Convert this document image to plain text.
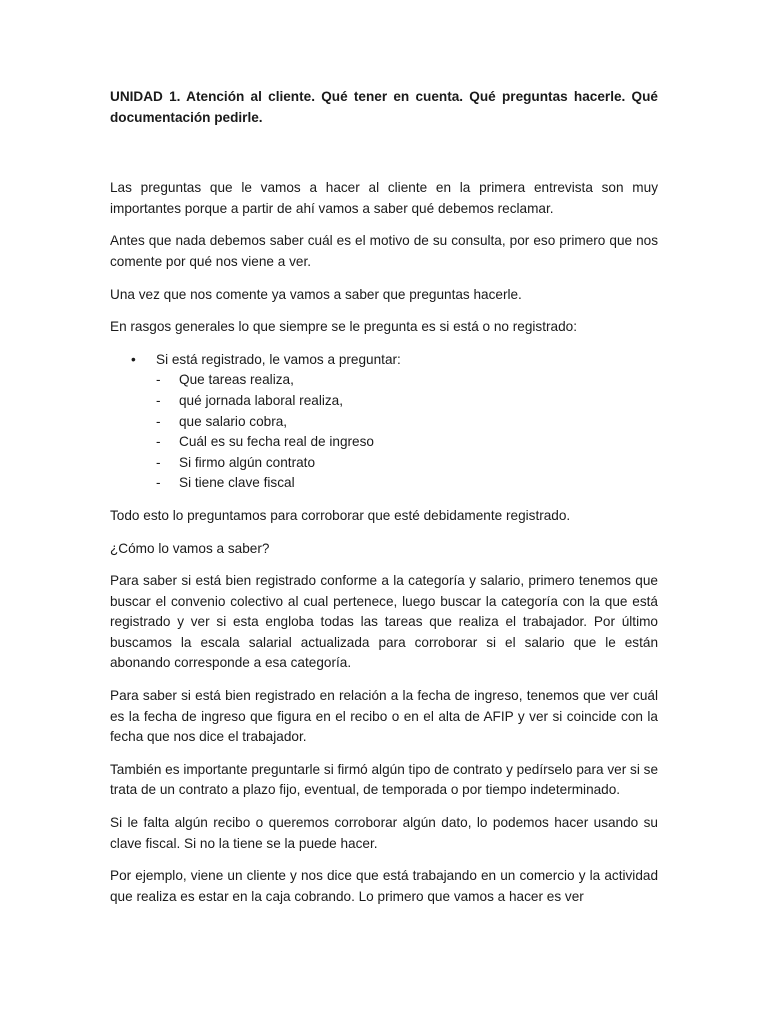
UNIDAD 1. Atención al cliente. Qué tener en cuenta. Qué preguntas hacerle. Qué documentación pedirle.

Las preguntas que le vamos a hacer al cliente en la primera entrevista son muy importantes porque a partir de ahí vamos a saber qué debemos reclamar.

Antes que nada debemos saber cuál es el motivo de su consulta, por eso primero que nos comente por qué nos viene a ver.

Una vez que nos comente ya vamos a saber que preguntas hacerle.

En rasgos generales lo que siempre se le pregunta es si está o no registrado:

• Si está registrado, le vamos a preguntar:
- Que tareas realiza,
- qué jornada laboral realiza,
- que salario cobra,
- Cuál es su fecha real de ingreso
- Si firmo algún contrato
- Si tiene clave fiscal

Todo esto lo preguntamos para corroborar que esté debidamente registrado.

¿Cómo lo vamos a saber?

Para saber si está bien registrado conforme a la categoría y salario, primero tenemos que buscar el convenio colectivo al cual pertenece, luego buscar la categoría con la que está registrado y ver si esta engloba todas las tareas que realiza el trabajador. Por último buscamos la escala salarial actualizada para corroborar si el salario que le están abonando corresponde a esa categoría.

Para saber si está bien registrado en relación a la fecha de ingreso, tenemos que ver cuál es la fecha de ingreso que figura en el recibo o en el alta de AFIP y ver si coincide con la fecha que nos dice el trabajador.

También es importante preguntarle si firmó algún tipo de contrato y pedírselo para ver si se trata de un contrato a plazo fijo, eventual, de temporada o por tiempo indeterminado.

Si le falta algún recibo o queremos corroborar algún dato, lo podemos hacer usando su clave fiscal. Si no la tiene se la puede hacer.

Por ejemplo, viene un cliente y nos dice que está trabajando en un comercio y la actividad que realiza es estar en la caja cobrando. Lo primero que vamos a hacer es ver
